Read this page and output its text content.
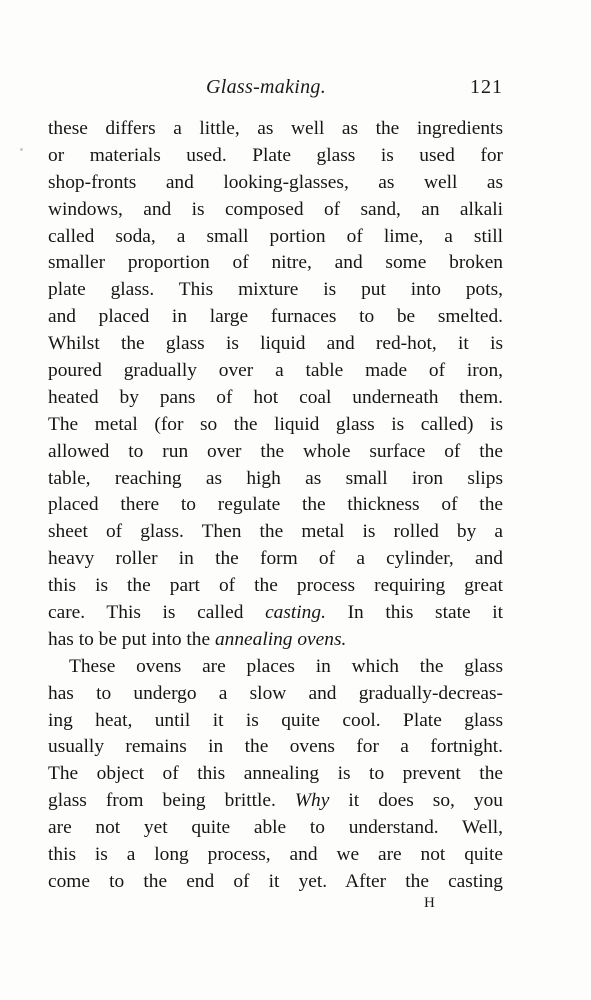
Glass-making.	121
these differs a little, as well as the ingredients
or materials used. Plate glass is used for
shop-fronts and looking-glasses, as well as
windows, and is composed of sand, an alkali
called soda, a small portion of lime, a still
smaller proportion of nitre, and some broken
plate glass. This mixture is put into pots,
and placed in large furnaces to be smelted.
Whilst the glass is liquid and red-hot, it is
poured gradually over a table made of iron,
heated by pans of hot coal underneath them.
The metal (for so the liquid glass is called) is
allowed to run over the whole surface of the
table, reaching as high as small iron slips
placed there to regulate the thickness of the
sheet of glass. Then the metal is rolled by a
heavy roller in the form of a cylinder, and
this is the part of the process requiring great
care. This is called casting. In this state it
has to be put into the annealing ovens.
These ovens are places in which the glass
has to undergo a slow and gradually-decreas-
ing heat, until it is quite cool. Plate glass
usually remains in the ovens for a fortnight.
The object of this annealing is to prevent the
glass from being brittle. Why it does so, you
are not yet quite able to understand. Well,
this is a long process, and we are not quite
come to the end of it yet. After the casting
H
